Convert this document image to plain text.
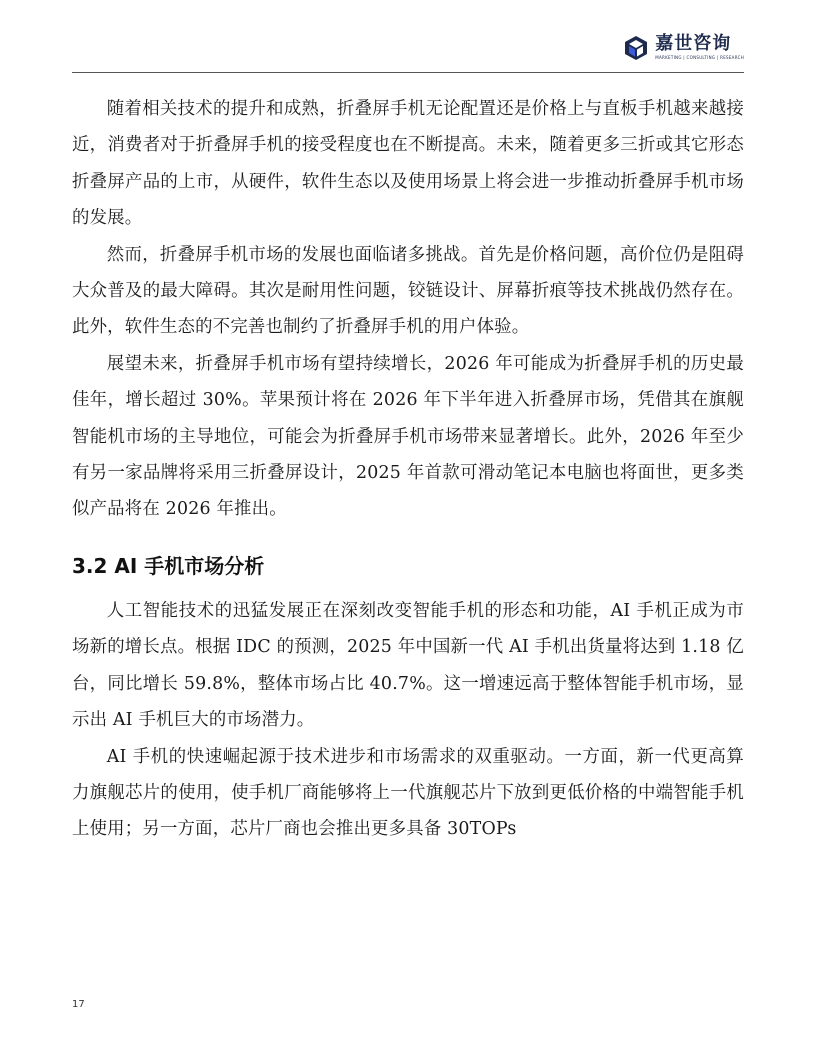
嘉世咨询
MARKETING | CONSULTING | RESEARCH

随着相关技术的提升和成熟，折叠屏手机无论配置还是价格上与直板手机越来越接近，消费者对于折叠屏手机的接受程度也在不断提高。未来，随着更多三折或其它形态折叠屏产品的上市，从硬件，软件生态以及使用场景上将会进一步推动折叠屏手机市场的发展。

然而，折叠屏手机市场的发展也面临诸多挑战。首先是价格问题，高价位仍是阻碍大众普及的最大障碍。其次是耐用性问题，铰链设计、屏幕折痕等技术挑战仍然存在。此外，软件生态的不完善也制约了折叠屏手机的用户体验。

展望未来，折叠屏手机市场有望持续增长，2026 年可能成为折叠屏手机的历史最佳年，增长超过 30%。苹果预计将在 2026 年下半年进入折叠屏市场，凭借其在旗舰智能机市场的主导地位，可能会为折叠屏手机市场带来显著增长。此外，2026 年至少有另一家品牌将采用三折叠屏设计，2025 年首款可滑动笔记本电脑也将面世，更多类似产品将在 2026 年推出。

3.2 AI 手机市场分析

人工智能技术的迅猛发展正在深刻改变智能手机的形态和功能，AI 手机正成为市场新的增长点。根据 IDC 的预测，2025 年中国新一代 AI 手机出货量将达到 1.18 亿台，同比增长 59.8%，整体市场占比 40.7%。这一增速远高于整体智能手机市场，显示出 AI 手机巨大的市场潜力。

AI 手机的快速崛起源于技术进步和市场需求的双重驱动。一方面，新一代更高算力旗舰芯片的使用，使手机厂商能够将上一代旗舰芯片下放到更低价格的中端智能手机上使用；另一方面，芯片厂商也会推出更多具备 30TOPs

17
